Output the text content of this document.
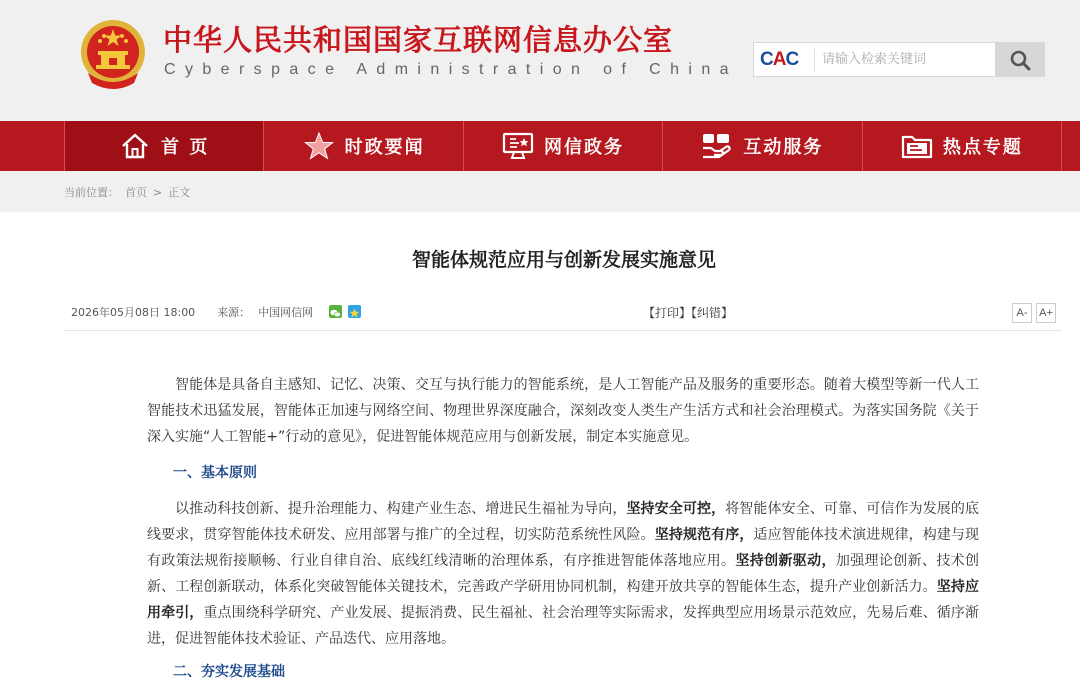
中华人民共和国国家互联网信息办公室
Cyberspace Administration of China CAC
请输入检索关键词
首 页	时政要闻	网信政务	互动服务	热点专题
当前位置： 首页 > 正文
智能体规范应用与创新发展实施意见
2026年05月08日 18:00 来源： 中国网信网	【打印】【纠错】	A-	A+

智能体是具备自主感知、记忆、决策、交互与执行能力的智能系统，是人工智能产品及服务的重要形态。随着大模型等新一代人工智能技术迅猛发展，智能体正加速与网络空间、物理世界深度融合，深刻改变人类生产生活方式和社会治理模式。为落实国务院《关于深入实施“人工智能+”行动的意见》，促进智能体规范应用与创新发展，制定本实施意见。

一、基本原则

以推动科技创新、提升治理能力、构建产业生态、增进民生福祉为导向，坚持安全可控，将智能体安全、可靠、可信作为发展的底线要求，贯穿智能体技术研发、应用部署与推广的全过程，切实防范系统性风险。坚持规范有序，适应智能体技术演进规律，构建与现有政策法规衔接顺畅、行业自律自治、底线红线清晰的治理体系，有序推进智能体落地应用。坚持创新驱动，加强理论创新、技术创新、工程创新联动，体系化突破智能体关键技术，完善政产学研用协同机制，构建开放共享的智能体生态，提升产业创新活力。坚持应用牵引，重点围绕科学研究、产业发展、提振消费、民生福祉、社会治理等实际需求，发挥典型应用场景示范效应，先易后难、循序渐进，促进智能体技术验证、产品迭代、应用落地。

二、夯实发展基础
